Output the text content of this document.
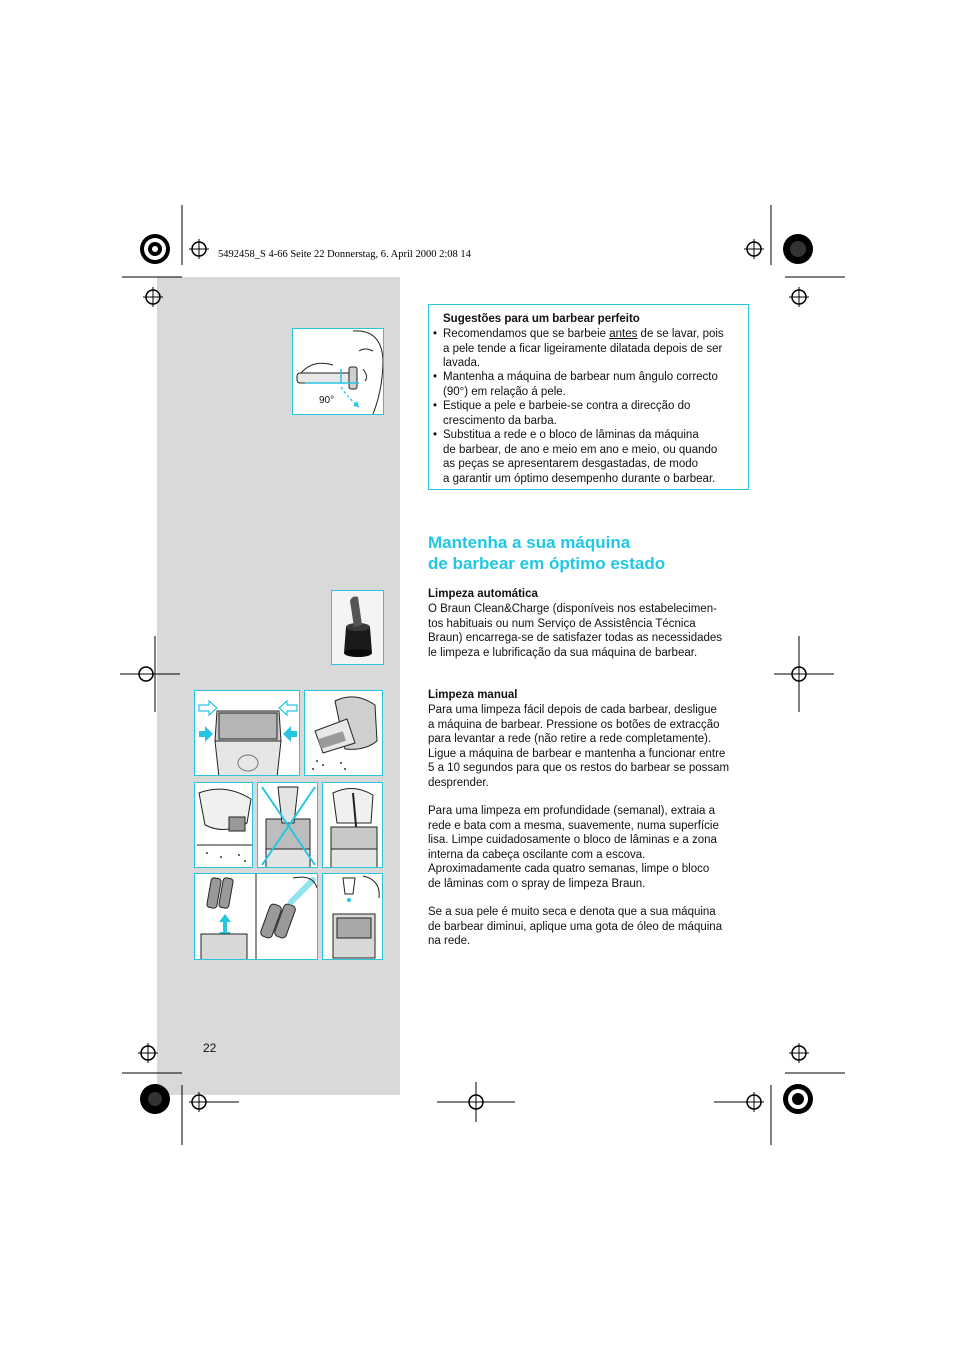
5492458_S 4-66 Seite 22 Donnerstag, 6. April 2000 2:08 14
Sugestões para um barbear perfeito
• Recomendamos que se barbeie antes de se lavar, pois
a pele tende a ficar ligeiramente dilatada depois de ser lavada.
• Mantenha a máquina de barbear num ângulo correcto
(90°) em relação á pele.
• Estique a pele e barbeie-se contra a direcção do
crescimento da barba.
• Substitua a rede e o bloco de lâminas da máquina
de barbear, de ano e meio em ano e meio, ou quando
as peças se apresentarem desgastadas, de modo
a garantir um óptimo desempenho durante o barbear.
Mantenha a sua máquina
de barbear em óptimo estado
Limpeza automática
O Braun Clean&Charge (disponíveis nos estabelecimen-
tos habituais ou num Serviço de Assistência Técnica
Braun) encarrega-se de satisfazer todas as necessidades
le limpeza e lubrificação da sua máquina de barbear.
Limpeza manual
Para uma limpeza fácil depois de cada barbear, desligue
a máquina de barbear. Pressione os botões de extracção
para levantar a rede (não retire a rede completamente).
Ligue a máquina de barbear e mantenha a funcionar entre
5 a 10 segundos para que os restos do barbear se possam
desprender.
Para uma limpeza em profundidade (semanal), extraia a
rede e bata com a mesma, suavemente, numa superfície
lisa. Limpe cuidadosamente o bloco de lâminas e a zona
interna da cabeça oscilante com a escova.
Aproximadamente cada quatro semanas, limpe o bloco
de lâminas com o spray de limpeza Braun.
Se a sua pele é muito seca e denota que a sua máquina
de barbear diminui, aplique uma gota de óleo de máquina
na rede.
90°
22
